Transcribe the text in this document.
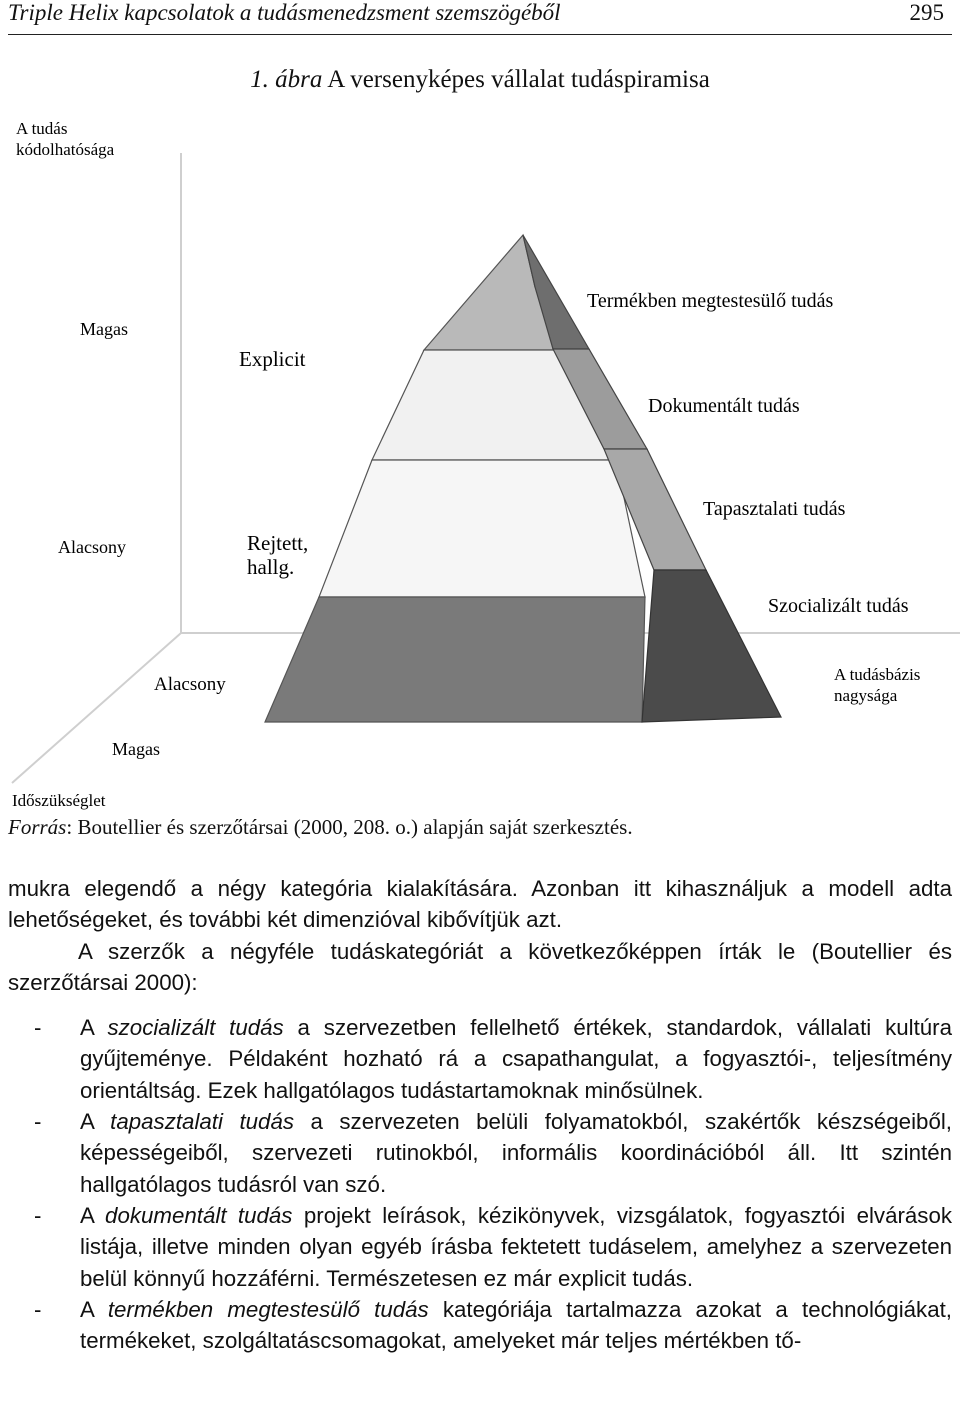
Triple Helix kapcsolatok a tudásmenedzsment szemszögéből	295
1. ábra A versenyképes vállalat tudáspiramisa
A tudás
kódolhatósága
Magas
Alacsony
Explicit
Rejtett,
hallg.
Alacsony
Magas
Időszükséglet
A tudásbázis
nagysága
Termékben megtestesülő tudás
Dokumentált tudás
Tapasztalati tudás
Szocializált tudás
Forrás: Boutellier és szerzőtársai (2000, 208. o.) alapján saját szerkesztés.

mukra elegendő a négy kategória kialakítására. Azonban itt kihasználjuk a modell adta lehetőségeket, és további két dimenzióval kibővítjük azt.

A szerzők a négyféle tudáskategóriát a következőképpen írták le (Boutellier és szerzőtársai 2000):

- A szocializált tudás a szervezetben fellelhető értékek, standardok, vállalati kultúra gyűjteménye. Példaként hozható rá a csapathangulat, a fogyasztói-, teljesítmény orientáltság. Ezek hallgatólagos tudástartamoknak minősülnek.
- A tapasztalati tudás a szervezeten belüli folyamatokból, szakértők készségeiből, képességeiből, szervezeti rutinokból, informális koordinációból áll. Itt szintén hallgatólagos tudásról van szó.
- A dokumentált tudás projekt leírások, kézikönyvek, vizsgálatok, fogyasztói elvárások listája, illetve minden olyan egyéb írásba fektetett tudáselem, amelyhez a szervezeten belül könnyű hozzáférni. Természetesen ez már explicit tudás.
- A termékben megtestesülő tudás kategóriája tartalmazza azokat a technológiákat, termékeket, szolgáltatáscsomagokat, amelyeket már teljes mértékben tő-
